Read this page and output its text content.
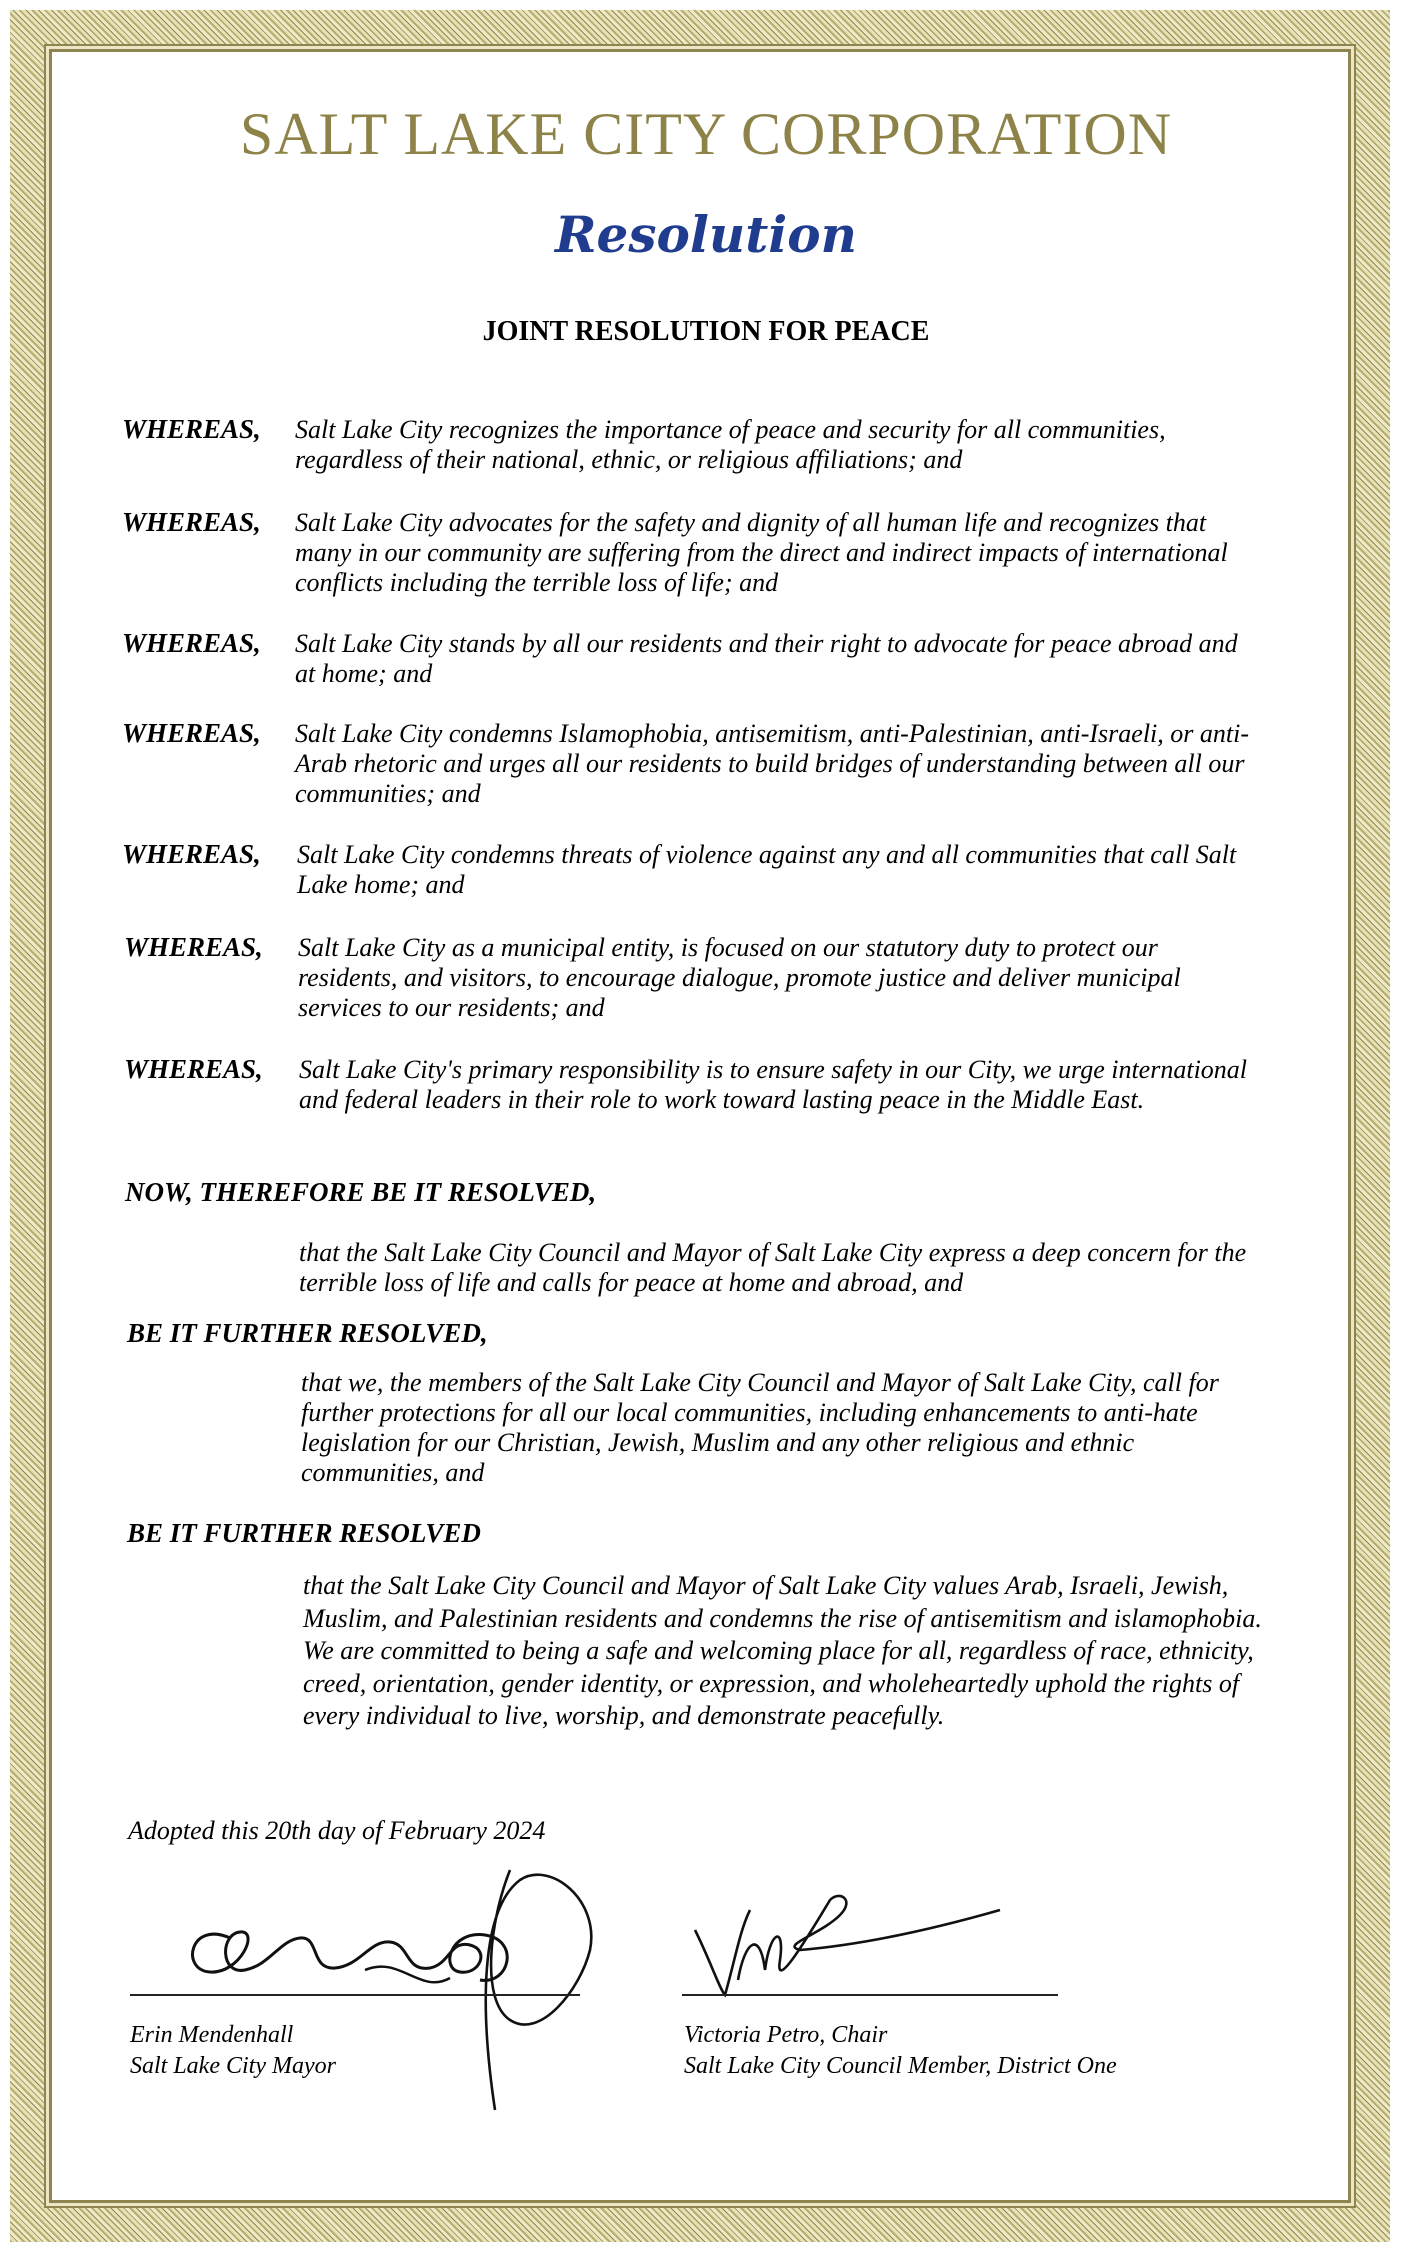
SALT LAKE CITY CORPORATION
Resolution
JOINT RESOLUTION FOR PEACE
WHEREAS, Salt Lake City recognizes the importance of peace and security for all communities, regardless of their national, ethnic, or religious affiliations; and
WHEREAS, Salt Lake City advocates for the safety and dignity of all human life and recognizes that many in our community are suffering from the direct and indirect impacts of international conflicts including the terrible loss of life; and
WHEREAS, Salt Lake City stands by all our residents and their right to advocate for peace abroad and at home; and
WHEREAS, Salt Lake City condemns Islamophobia, antisemitism, anti-Palestinian, anti-Israeli, or anti-Arab rhetoric and urges all our residents to build bridges of understanding between all our communities; and
WHEREAS, Salt Lake City condemns threats of violence against any and all communities that call Salt Lake home; and
WHEREAS, Salt Lake City as a municipal entity, is focused on our statutory duty to protect our residents, and visitors, to encourage dialogue, promote justice and deliver municipal services to our residents; and
WHEREAS, Salt Lake City's primary responsibility is to ensure safety in our City, we urge international and federal leaders in their role to work toward lasting peace in the Middle East.
NOW, THEREFORE BE IT RESOLVED,
that the Salt Lake City Council and Mayor of Salt Lake City express a deep concern for the terrible loss of life and calls for peace at home and abroad, and
BE IT FURTHER RESOLVED,
that we, the members of the Salt Lake City Council and Mayor of Salt Lake City, call for further protections for all our local communities, including enhancements to anti-hate legislation for our Christian, Jewish, Muslim and any other religious and ethnic communities, and
BE IT FURTHER RESOLVED
that the Salt Lake City Council and Mayor of Salt Lake City values Arab, Israeli, Jewish, Muslim, and Palestinian residents and condemns the rise of antisemitism and islamophobia. We are committed to being a safe and welcoming place for all, regardless of race, ethnicity, creed, orientation, gender identity, or expression, and wholeheartedly uphold the rights of every individual to live, worship, and demonstrate peacefully.
Adopted this 20th day of February 2024
Erin Mendenhall
Salt Lake City Mayor
Victoria Petro, Chair
Salt Lake City Council Member, District One
